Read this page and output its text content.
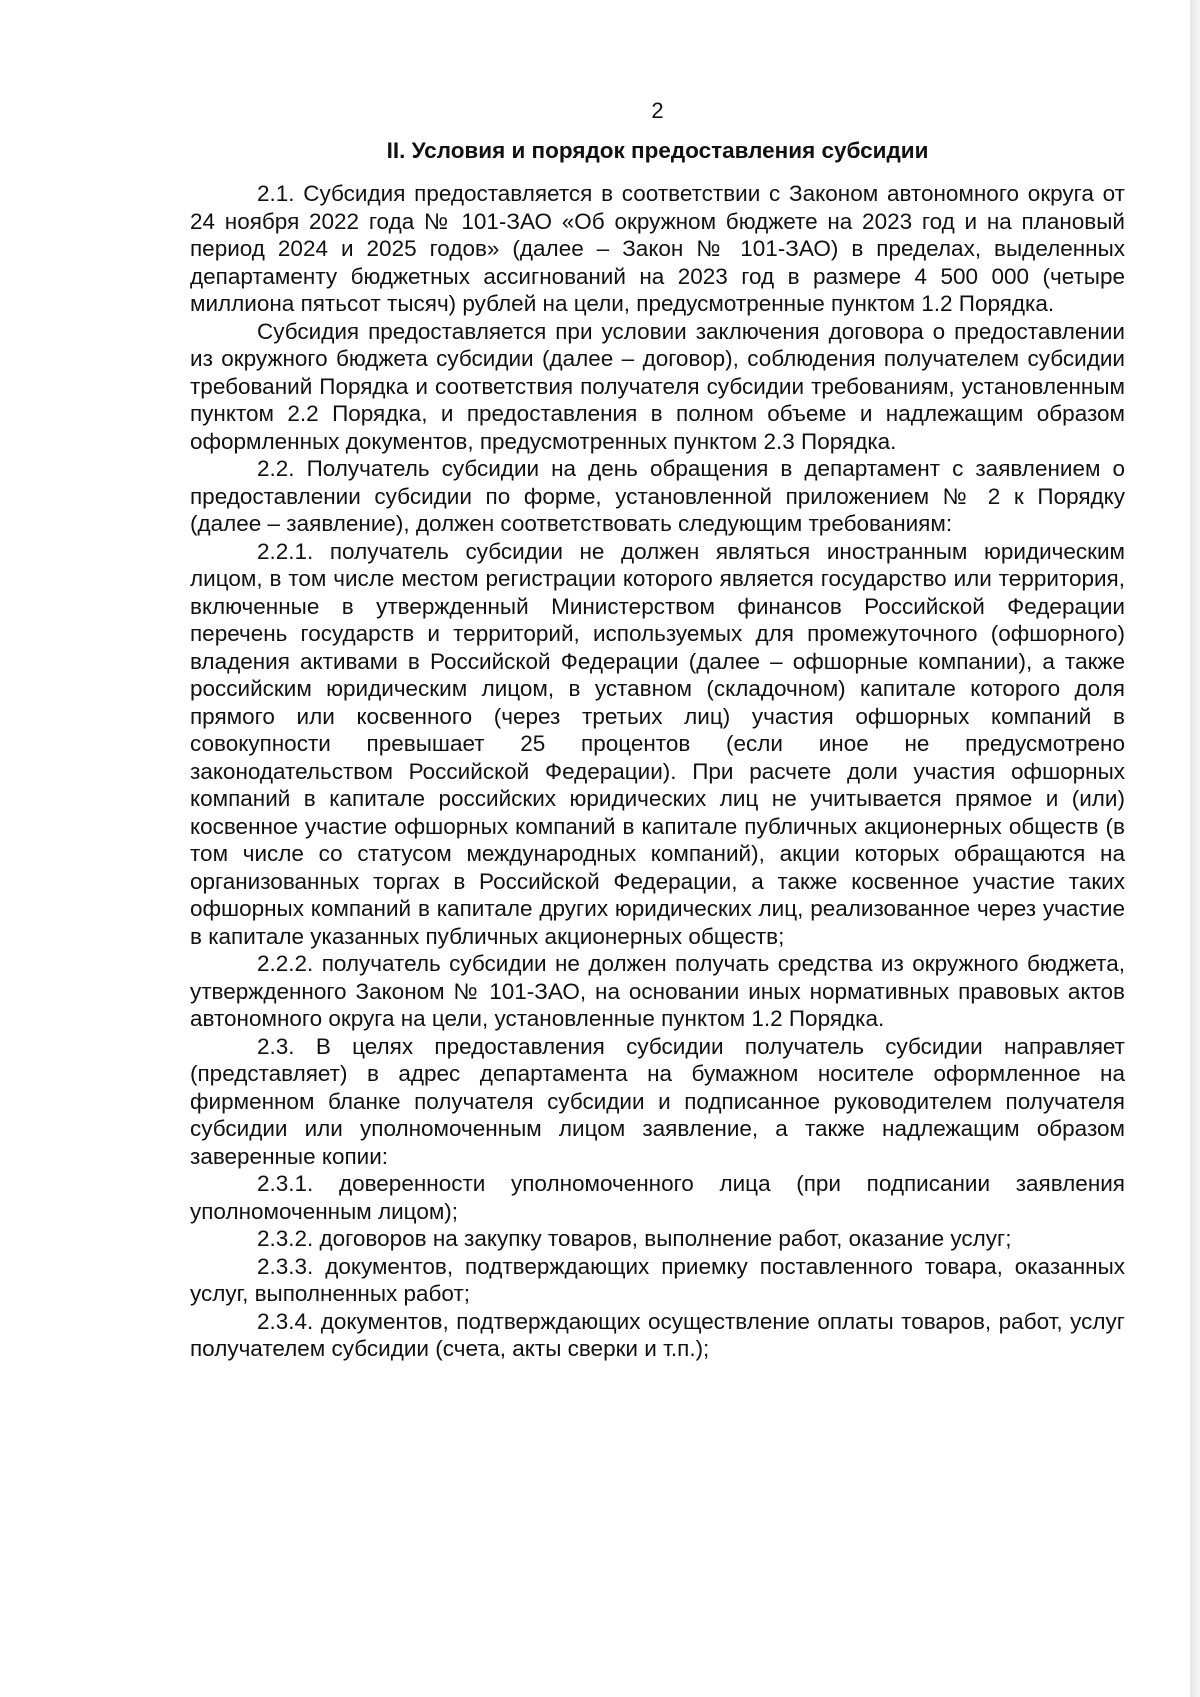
2
II. Условия и порядок предоставления субсидии

2.1. Субсидия предоставляется в соответствии с Законом автономного округа от 24 ноября 2022 года № 101-ЗАО «Об окружном бюджете на 2023 год и на плановый период 2024 и 2025 годов» (далее – Закон № 101-ЗАО) в пределах, выделенных департаменту бюджетных ассигнований на 2023 год в размере 4 500 000 (четыре миллиона пятьсот тысяч) рублей на цели, предусмотренные пунктом 1.2 Порядка.

Субсидия предоставляется при условии заключения договора о предоставлении из окружного бюджета субсидии (далее – договор), соблюдения получателем субсидии требований Порядка и соответствия получателя субсидии требованиям, установленным пунктом 2.2 Порядка, и предоставления в полном объеме и надлежащим образом оформленных документов, предусмотренных пунктом 2.3 Порядка.

2.2. Получатель субсидии на день обращения в департамент с заявлением о предоставлении субсидии по форме, установленной приложением № 2 к Порядку (далее – заявление), должен соответствовать следующим требованиям:

2.2.1. получатель субсидии не должен являться иностранным юридическим лицом, в том числе местом регистрации которого является государство или территория, включенные в утвержденный Министерством финансов Российской Федерации перечень государств и территорий, используемых для промежуточного (офшорного) владения активами в Российской Федерации (далее – офшорные компании), а также российским юридическим лицом, в уставном (складочном) капитале которого доля прямого или косвенного (через третьих лиц) участия офшорных компаний в совокупности превышает 25 процентов (если иное не предусмотрено законодательством Российской Федерации). При расчете доли участия офшорных компаний в капитале российских юридических лиц не учитывается прямое и (или) косвенное участие офшорных компаний в капитале публичных акционерных обществ (в том числе со статусом международных компаний), акции которых обращаются на организованных торгах в Российской Федерации, а также косвенное участие таких офшорных компаний в капитале других юридических лиц, реализованное через участие в капитале указанных публичных акционерных обществ;

2.2.2. получатель субсидии не должен получать средства из окружного бюджета, утвержденного Законом № 101-ЗАО, на основании иных нормативных правовых актов автономного округа на цели, установленные пунктом 1.2 Порядка.

2.3. В целях предоставления субсидии получатель субсидии направляет (представляет) в адрес департамента на бумажном носителе оформленное на фирменном бланке получателя субсидии и подписанное руководителем получателя субсидии или уполномоченным лицом заявление, а также надлежащим образом заверенные копии:

2.3.1. доверенности уполномоченного лица (при подписании заявления уполномоченным лицом);

2.3.2. договоров на закупку товаров, выполнение работ, оказание услуг;

2.3.3. документов, подтверждающих приемку поставленного товара, оказанных услуг, выполненных работ;

2.3.4. документов, подтверждающих осуществление оплаты товаров, работ, услуг получателем субсидии (счета, акты сверки и т.п.);
